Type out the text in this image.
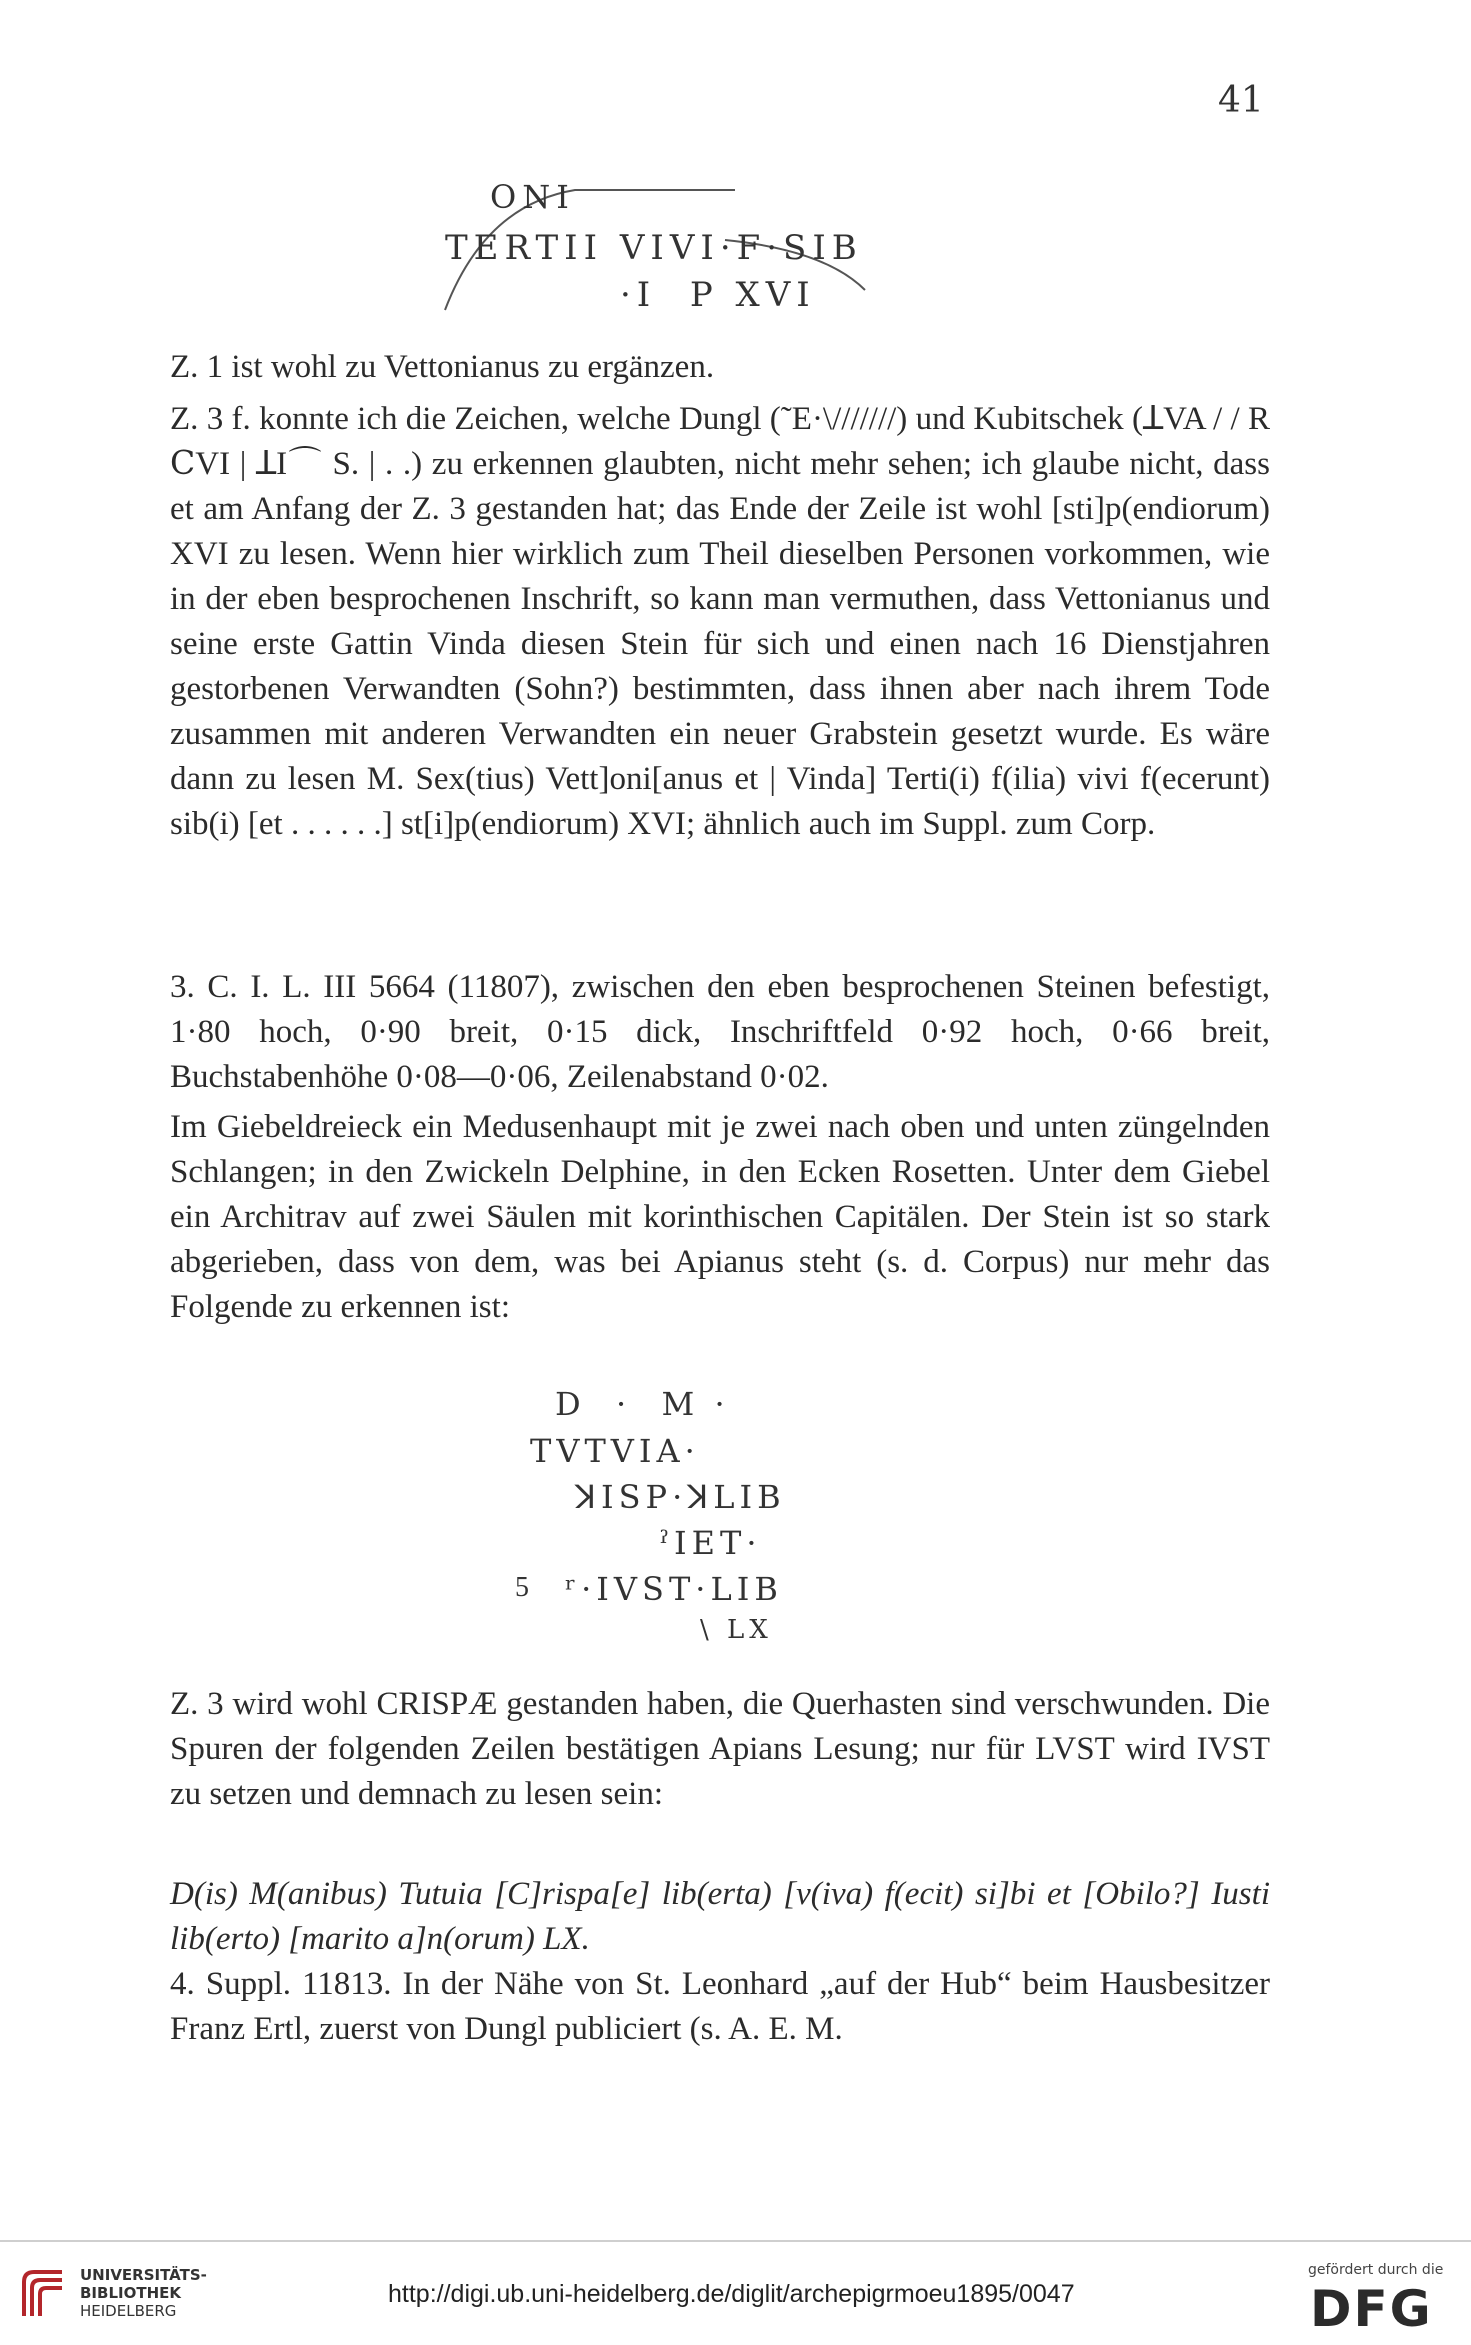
41
ONI
TERTII VIVI·F·SIB
·I  P XVI
Z. 1 ist wohl zu Vettonianus zu ergänzen.
Z. 3 f. konnte ich die Zeichen, welche Dungl (˜E·\///////) und Kubitschek (ꓕVA / / R ⅭVI | ꓕI⌒ S. | . .) zu erkennen glaubten, nicht mehr sehen; ich glaube nicht, dass et am Anfang der Z. 3 gestanden hat; das Ende der Zeile ist wohl [sti]p(endiorum) XVI zu lesen. Wenn hier wirklich zum Theil dieselben Personen vorkommen, wie in der eben besprochenen Inschrift, so kann man vermuthen, dass Vettonianus und seine erste Gattin Vinda diesen Stein für sich und einen nach 16 Dienstjahren gestorbenen Verwandten (Sohn?) bestimmten, dass ihnen aber nach ihrem Tode zusammen mit anderen Verwandten ein neuer Grabstein gesetzt wurde. Es wäre dann zu lesen M. Sex(tius) Vett]oni[anus et | Vinda] Terti(i) f(ilia) vivi f(ecerunt) sib(i) [et . . . . . .] st[i]p(endiorum) XVI; ähnlich auch im Suppl. zum Corp.
3. C. I. L. III 5664 (11807), zwischen den eben besprochenen Steinen befestigt, 1·80 hoch, 0·90 breit, 0·15 dick, Inschriftfeld 0·92 hoch, 0·66 breit, Buchstabenhöhe 0·08—0·06, Zeilenabstand 0·02.
Im Giebeldreieck ein Medusenhaupt mit je zwei nach oben und unten züngelnden Schlangen; in den Zwickeln Delphine, in den Ecken Rosetten. Unter dem Giebel ein Architrav auf zwei Säulen mit korinthischen Capitälen. Der Stein ist so stark abgerieben, dass von dem, was bei Apianus steht (s. d. Corpus) nur mehr das Folgende zu erkennen ist:
D  ·  M ·
TVTVIA·
ꓘISP·ꓘLIB
ˀIET·
5 ʳ·IVSТ·LIB
\ LX
Z. 3 wird wohl CRISPÆ gestanden haben, die Querhasten sind verschwunden. Die Spuren der folgenden Zeilen bestätigen Apians Lesung; nur für LVST wird IVST zu setzen und demnach zu lesen sein:
D(is) M(anibus) Tutuia [C]rispa[e] lib(erta) [v(iva) f(ecit) si]bi et [Obilo?] Iusti lib(erto) [marito a]n(orum) LX.
4. Suppl. 11813. In der Nähe von St. Leonhard „auf der Hub“ beim Hausbesitzer Franz Ertl, zuerst von Dungl publiciert (s. A. E. M.
UNIVERSITÄTS-
BIBLIOTHEK
HEIDELBERG
http://digi.ub.uni-heidelberg.de/diglit/archepigrmoeu1895/0047
gefördert durch die
DFG
